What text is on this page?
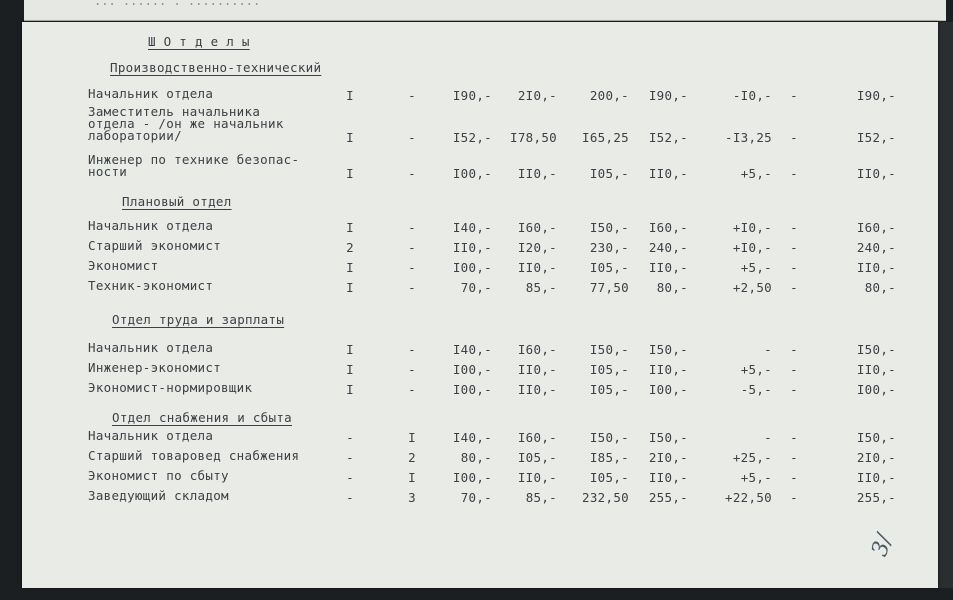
... ...... . ..........
Ш О т д е л ы
Производственно-технический
Начальник отдела	I	-	I90,-	2I0,-	200,-	I90,-	-I0,-	-	I90,-
Заместитель начальника
отдела - /он же начальник
лаборатории/	I	-	I52,- I78,50	I65,25	I52,-	-I3,25	-	I52,-
Инженер по технике безопас-
ности	I	-	I00,-	II0,-	I05,-	II0,-	+5,-	-	II0,-
Плановый отдел
Начальник отдела	I	-	I40,-	I60,-	I50,-	I60,-	+I0,-	-	I60,-
Старший экономист	2	-	II0,-	I20,-	230,-	240,-	+I0,-	-	240,-
Экономист	I	-	I00,-	II0,-	I05,-	II0,-	+5,-	-	II0,-
Техник-экономист	I	-	70,-	85,-	77,50	80,-	+2,50	-	80,-
Отдел труда и зарплаты
Начальник отдела	I	-	I40,-	I60,-	I50,-	I50,-	-	-	I50,-
Инженер-экономист	I	-	I00,-	II0,-	I05,-	II0,-	+5,-	-	II0,-
Экономист-нормировщик	I	-	I00,-	II0,-	I05,-	I00,-	-5,-	-	I00,-
Отдел снабжения и сбыта
Начальник отдела	-	I	I40,-	I60,-	I50,-	I50,-	-	-	I50,-
Старший товаровед снабжения	-	2	80,-	I05,-	I85,-	2I0,-	+25,-	-	2I0,-
Экономист по сбыту	-	I	I00,-	II0,-	I05,-	II0,-	+5,-	-	II0,-
Заведующий складом	-	3	70,-	85,-	232,50	255,-	+22,50	-	255,-
3/
